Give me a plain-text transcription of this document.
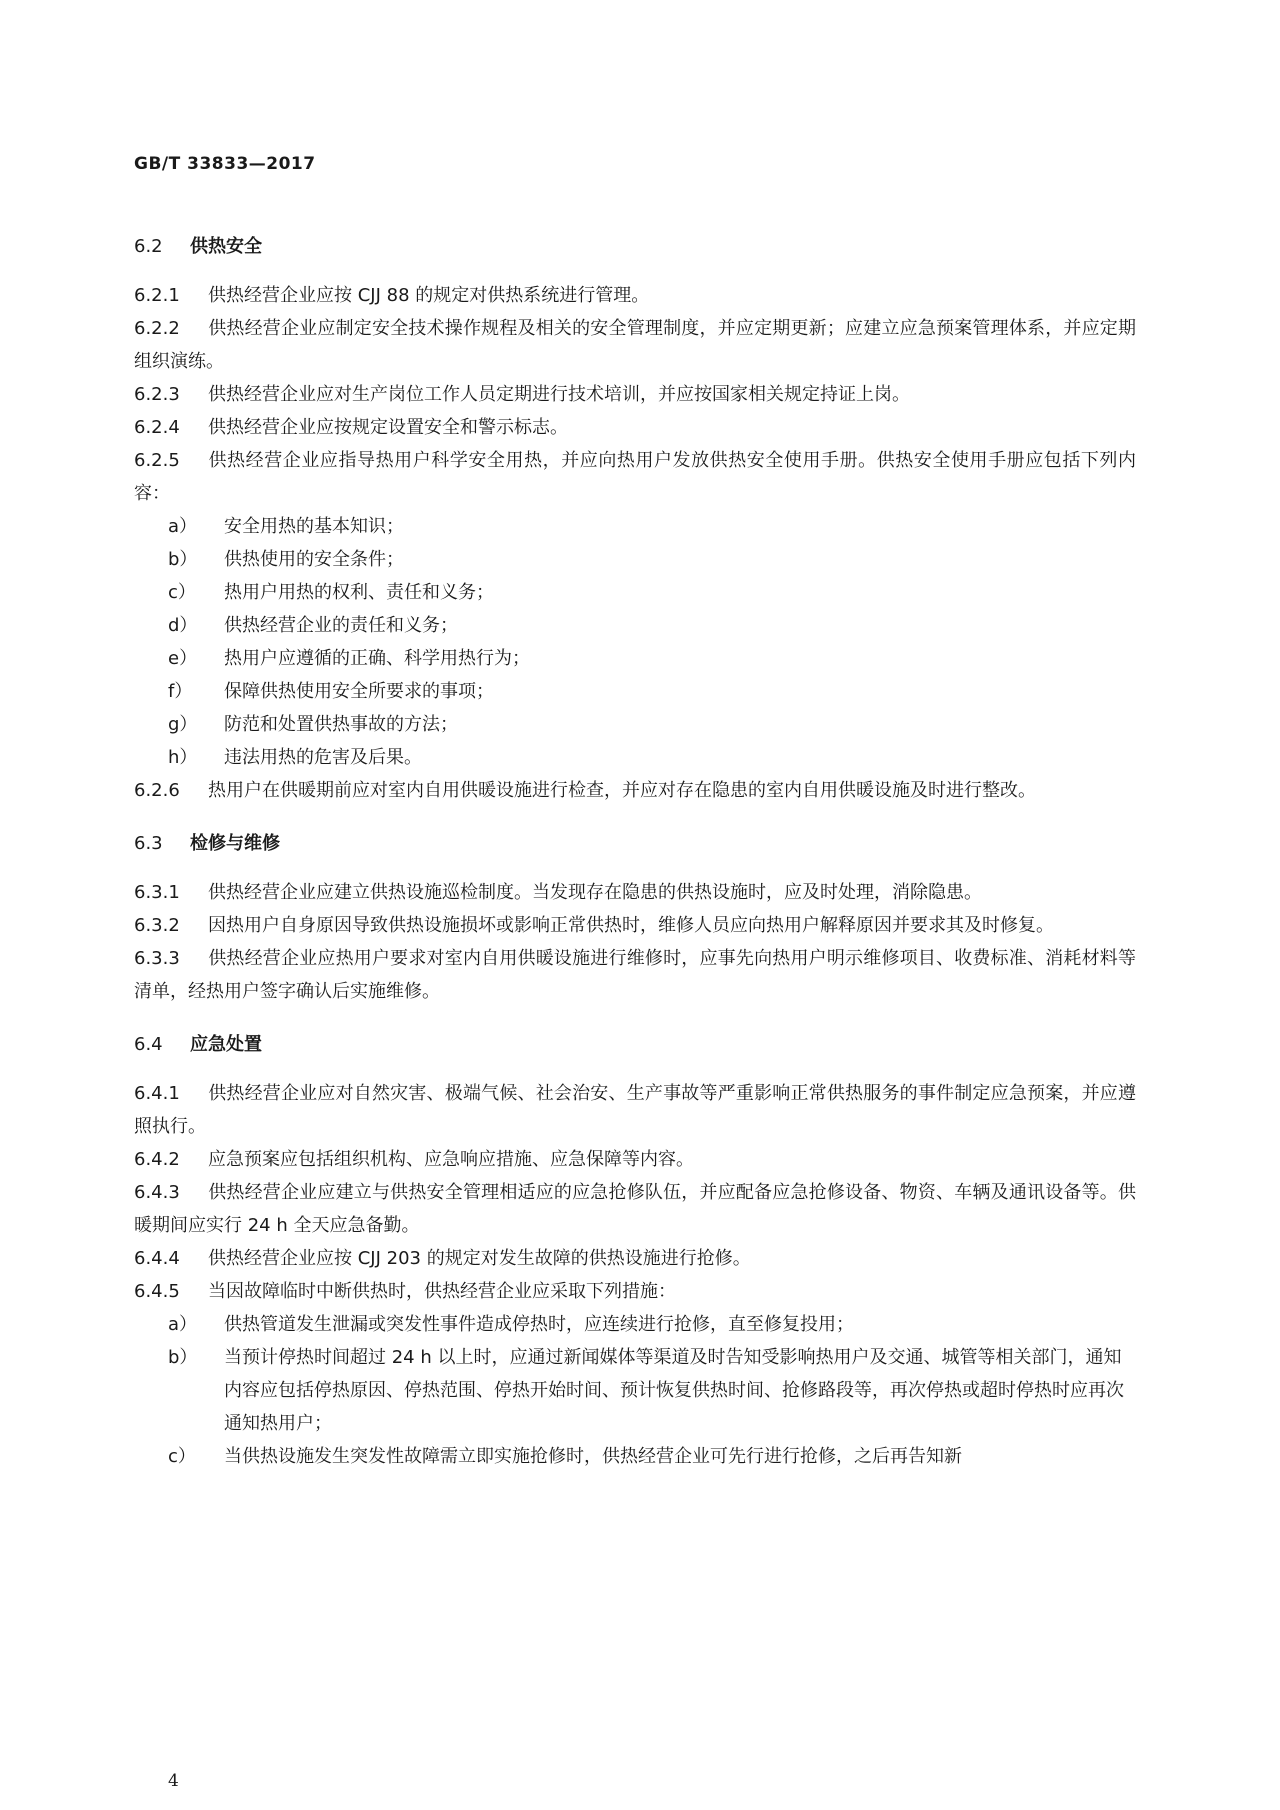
GB/T 33833—2017
6.2 供热安全
6.2.1 供热经营企业应按 CJJ 88 的规定对供热系统进行管理。
6.2.2 供热经营企业应制定安全技术操作规程及相关的安全管理制度，并应定期更新；应建立应急预案管理体系，并应定期组织演练。
6.2.3 供热经营企业应对生产岗位工作人员定期进行技术培训，并应按国家相关规定持证上岗。
6.2.4 供热经营企业应按规定设置安全和警示标志。
6.2.5 供热经营企业应指导热用户科学安全用热，并应向热用户发放供热安全使用手册。供热安全使用手册应包括下列内容：
a） 安全用热的基本知识；
b） 供热使用的安全条件；
c） 热用户用热的权利、责任和义务；
d） 供热经营企业的责任和义务；
e） 热用户应遵循的正确、科学用热行为；
f） 保障供热使用安全所要求的事项；
g） 防范和处置供热事故的方法；
h） 违法用热的危害及后果。
6.2.6 热用户在供暖期前应对室内自用供暖设施进行检查，并应对存在隐患的室内自用供暖设施及时进行整改。
6.3 检修与维修
6.3.1 供热经营企业应建立供热设施巡检制度。当发现存在隐患的供热设施时，应及时处理，消除隐患。
6.3.2 因热用户自身原因导致供热设施损坏或影响正常供热时，维修人员应向热用户解释原因并要求其及时修复。
6.3.3 供热经营企业应热用户要求对室内自用供暖设施进行维修时，应事先向热用户明示维修项目、收费标准、消耗材料等清单，经热用户签字确认后实施维修。
6.4 应急处置
6.4.1 供热经营企业应对自然灾害、极端气候、社会治安、生产事故等严重影响正常供热服务的事件制定应急预案，并应遵照执行。
6.4.2 应急预案应包括组织机构、应急响应措施、应急保障等内容。
6.4.3 供热经营企业应建立与供热安全管理相适应的应急抢修队伍，并应配备应急抢修设备、物资、车辆及通讯设备等。供暖期间应实行 24 h 全天应急备勤。
6.4.4 供热经营企业应按 CJJ 203 的规定对发生故障的供热设施进行抢修。
6.4.5 当因故障临时中断供热时，供热经营企业应采取下列措施：
a） 供热管道发生泄漏或突发性事件造成停热时，应连续进行抢修，直至修复投用；
b） 当预计停热时间超过 24 h 以上时，应通过新闻媒体等渠道及时告知受影响热用户及交通、城管等相关部门，通知内容应包括停热原因、停热范围、停热开始时间、预计恢复供热时间、抢修路段等，再次停热或超时停热时应再次通知热用户；
c） 当供热设施发生突发性故障需立即实施抢修时，供热经营企业可先行进行抢修，之后再告知新
4
